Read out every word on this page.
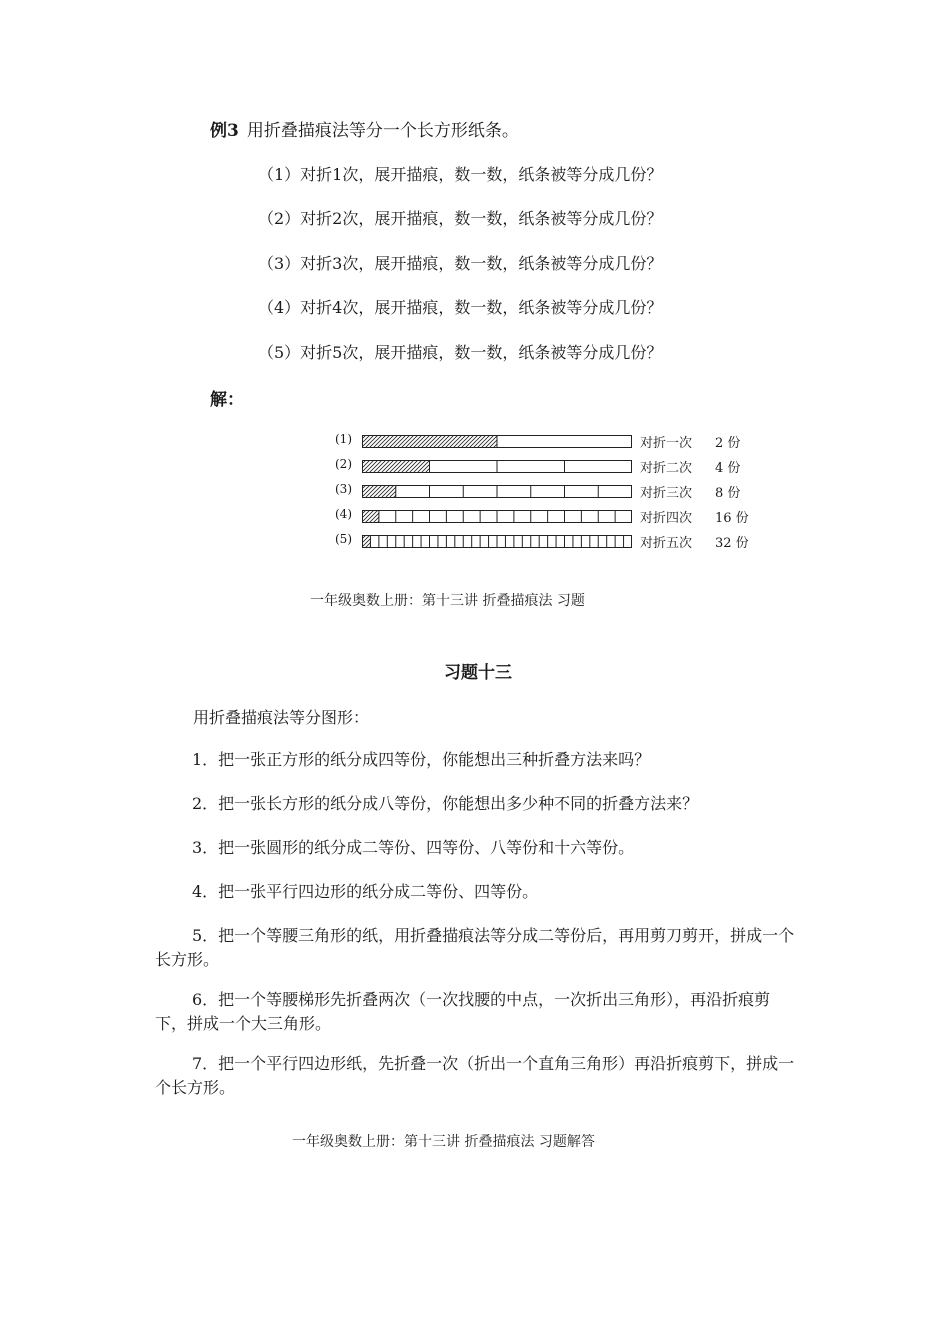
例3 用折叠描痕法等分一个长方形纸条。
（1）对折1次，展开描痕，数一数，纸条被等分成几份？
（2）对折2次，展开描痕，数一数，纸条被等分成几份？
（3）对折3次，展开描痕，数一数，纸条被等分成几份？
（4）对折4次，展开描痕，数一数，纸条被等分成几份？
（5）对折5次，展开描痕，数一数，纸条被等分成几份？
解：
(1)	对折一次 2 份
(2)	对折二次 4 份
(3)	对折三次 8 份
(4)	对折四次 16 份
(5)	对折五次 32 份
一年级奥数上册：第十三讲 折叠描痕法 习题
习题十三
用折叠描痕法等分图形：
1．把一张正方形的纸分成四等份，你能想出三种折叠方法来吗？
2．把一张长方形的纸分成八等份，你能想出多少种不同的折叠方法来？
3．把一张圆形的纸分成二等份、四等份、八等份和十六等份。
4．把一张平行四边形的纸分成二等份、四等份。
5．把一个等腰三角形的纸，用折叠描痕法等分成二等份后，再用剪刀剪开，拼成一个长方形。
6．把一个等腰梯形先折叠两次（一次找腰的中点，一次折出三角形），再沿折痕剪下，拼成一个大三角形。
7．把一个平行四边形纸，先折叠一次（折出一个直角三角形）再沿折痕剪下，拼成一个长方形。
一年级奥数上册：第十三讲 折叠描痕法 习题解答
